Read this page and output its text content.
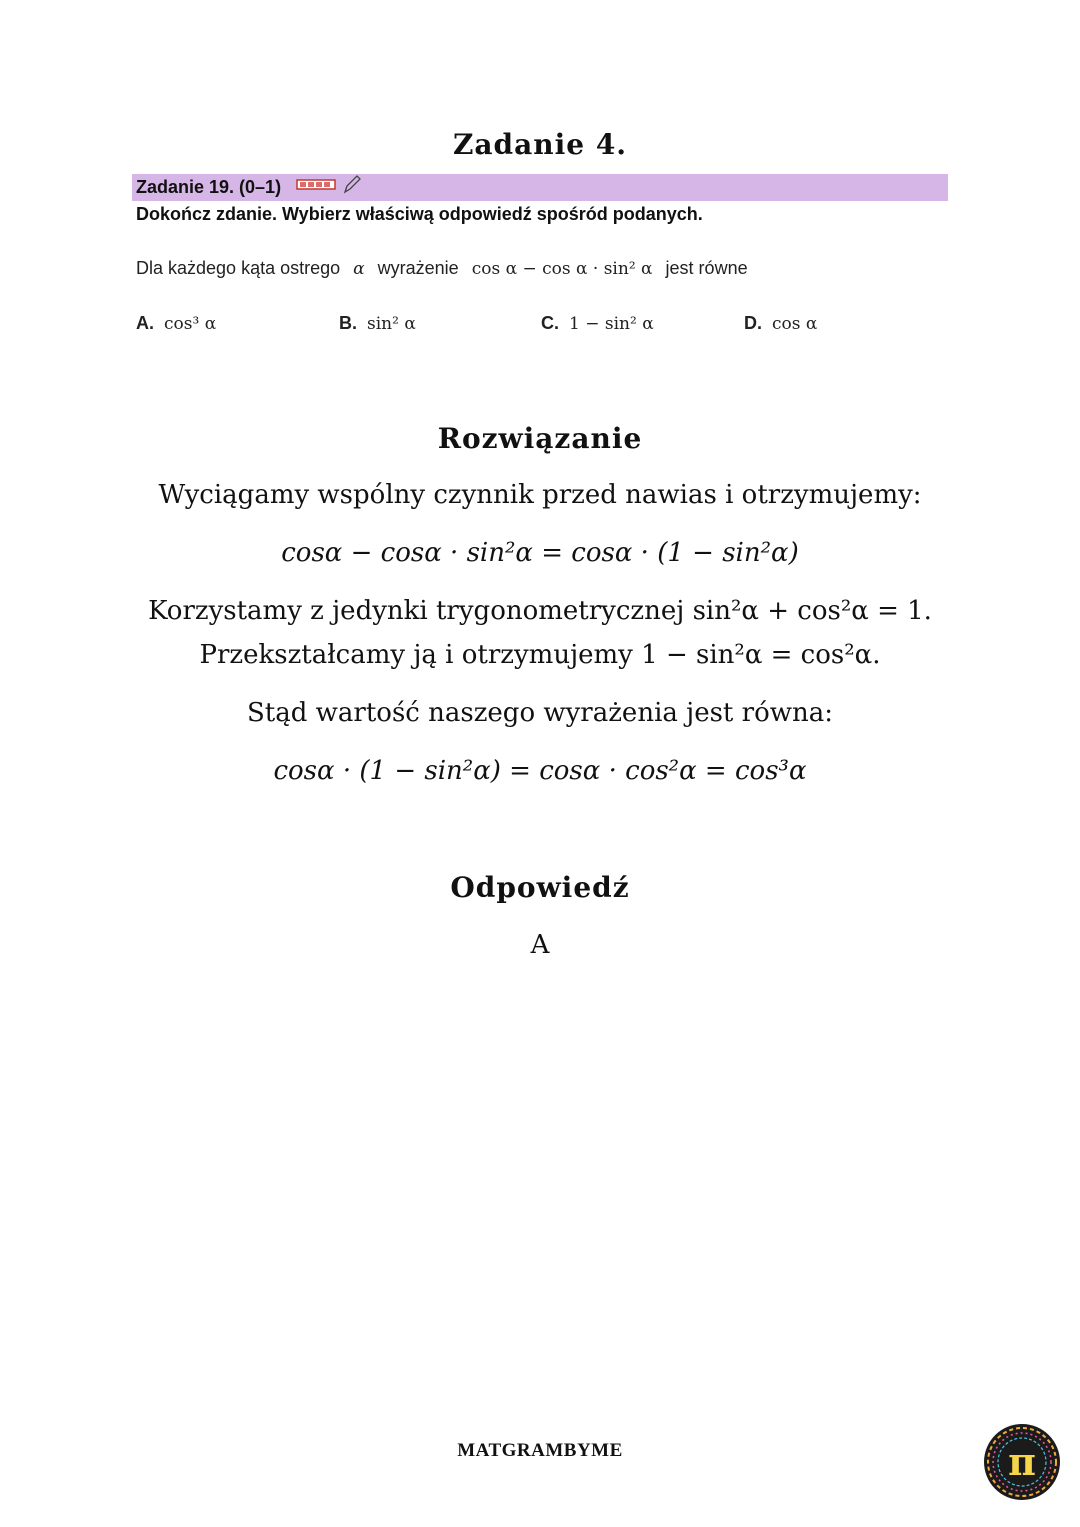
Zadanie 4.
Zadanie 19. (0–1)
Dokończ zdanie. Wybierz właściwą odpowiedź spośród podanych.
Dla każdego kąta ostrego α wyrażenie cos α − cos α · sin² α jest równe
A. cos³ α	B. sin² α	C. 1 − sin² α	D. cos α
Rozwiązanie
Wyciągamy wspólny czynnik przed nawias i otrzymujemy:
cosα − cosα · sin²α = cosα · (1 − sin²α)
Korzystamy z jedynki trygonometrycznej sin²α + cos²α = 1.
Przekształcamy ją i otrzymujemy 1 − sin²α = cos²α.
Stąd wartość naszego wyrażenia jest równa:
cosα · (1 − sin²α) = cosα · cos²α = cos³α
Odpowiedź
A
MATGRAMBYME	π
